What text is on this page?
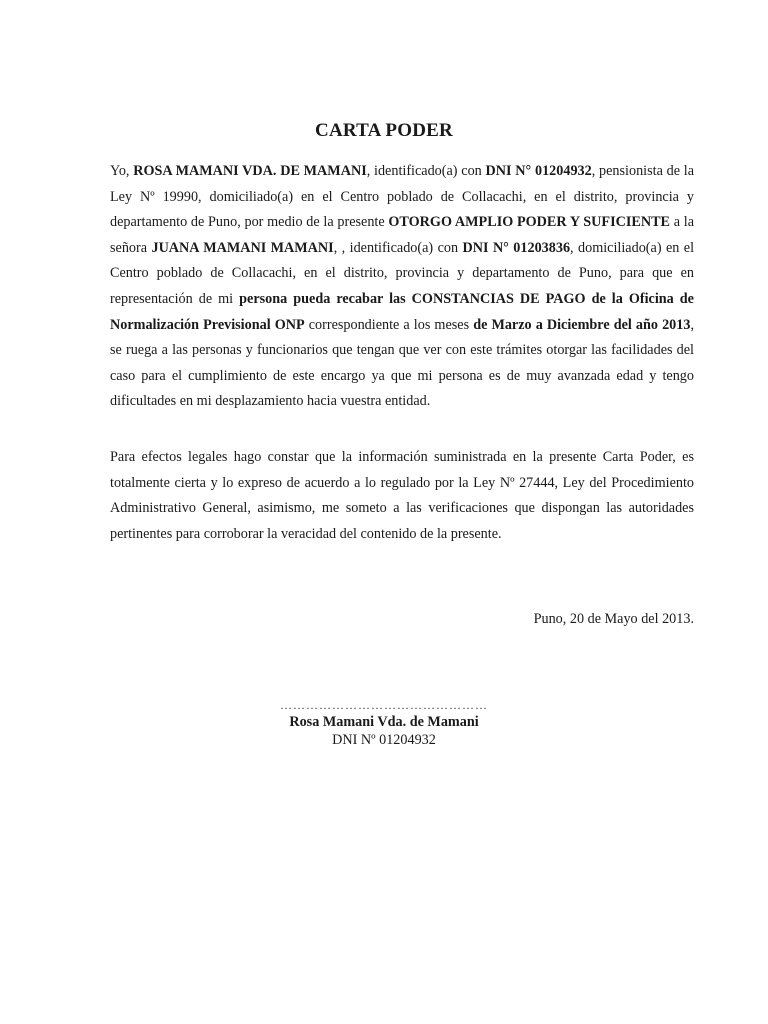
CARTA PODER

Yo, ROSA MAMANI VDA. DE MAMANI, identificado(a) con DNI N° 01204932, pensionista de la Ley Nº 19990, domiciliado(a) en el Centro poblado de Collacachi, en el distrito, provincia y departamento de Puno, por medio de la presente OTORGO AMPLIO PODER Y SUFICIENTE a la señora JUANA MAMANI MAMANI, , identificado(a) con DNI N° 01203836, domiciliado(a) en el Centro poblado de Collacachi, en el distrito, provincia y departamento de Puno, para que en representación de mi persona pueda recabar las CONSTANCIAS DE PAGO de la Oficina de Normalización Previsional ONP correspondiente a los meses de Marzo a Diciembre del año 2013, se ruega a las personas y funcionarios que tengan que ver con este trámites otorgar las facilidades del caso para el cumplimiento de este encargo ya que mi persona es de muy avanzada edad y tengo dificultades en mi desplazamiento hacia vuestra entidad.

Para efectos legales hago constar que la información suministrada en la presente Carta Poder, es totalmente cierta y lo expreso de acuerdo a lo regulado por la Ley Nº 27444, Ley del Procedimiento Administrativo General, asimismo, me someto a las verificaciones que dispongan las autoridades pertinentes para corroborar la veracidad del contenido de la presente.

Puno, 20 de Mayo del 2013.
…………………………………………
Rosa Mamani Vda. de Mamani
DNI Nº 01204932
